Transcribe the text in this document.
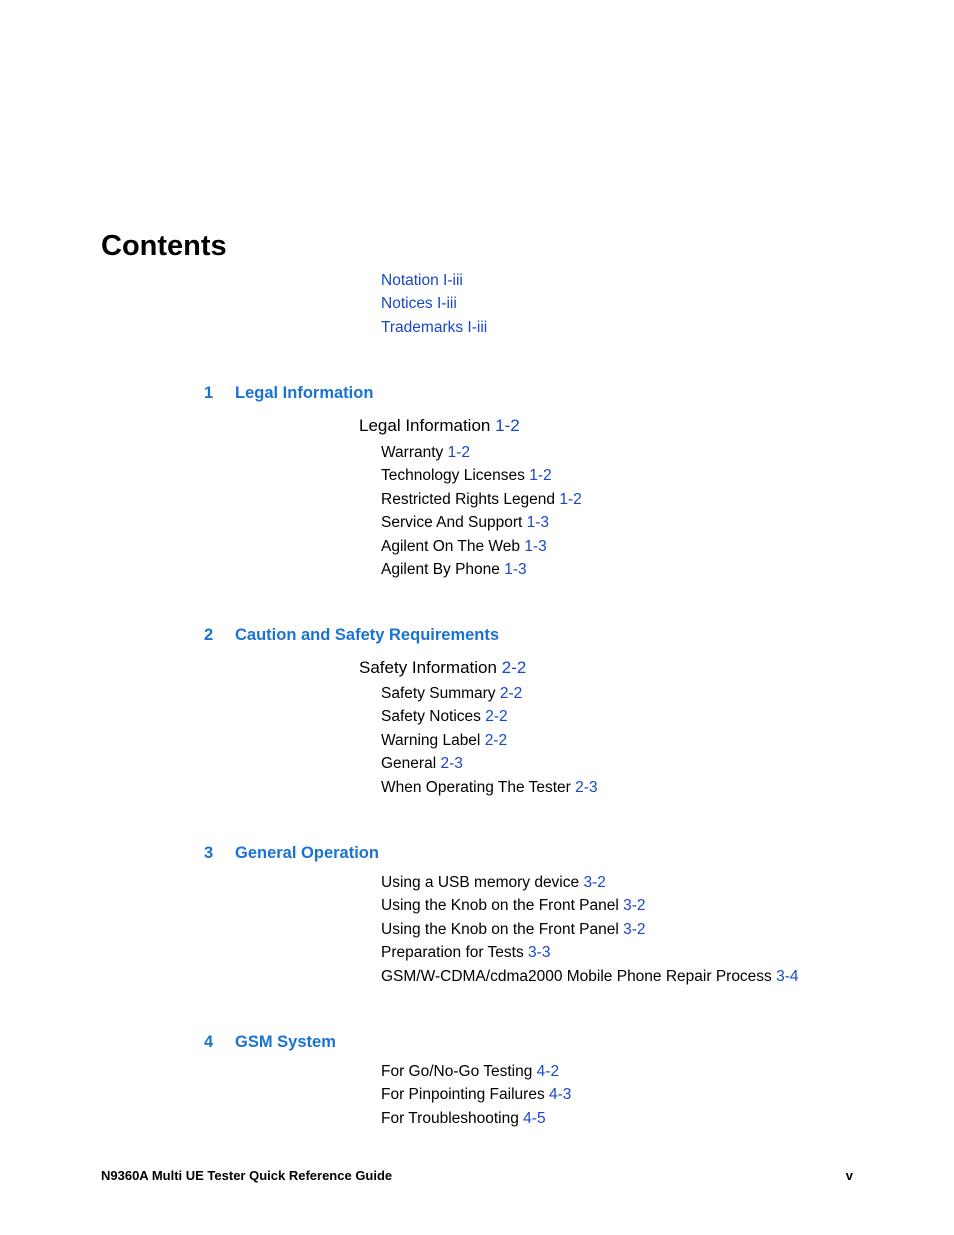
Contents
Notation I-iii
Notices I-iii
Trademarks I-iii
1 Legal Information
Legal Information 1-2
Warranty 1-2
Technology Licenses 1-2
Restricted Rights Legend 1-2
Service And Support 1-3
Agilent On The Web 1-3
Agilent By Phone 1-3
2 Caution and Safety Requirements
Safety Information 2-2
Safety Summary 2-2
Safety Notices 2-2
Warning Label 2-2
General 2-3
When Operating The Tester 2-3
3 General Operation
Using a USB memory device 3-2
Using the Knob on the Front Panel 3-2
Using the Knob on the Front Panel 3-2
Preparation for Tests 3-3
GSM/W-CDMA/cdma2000 Mobile Phone Repair Process 3-4
4 GSM System
For Go/No-Go Testing 4-2
For Pinpointing Failures 4-3
For Troubleshooting 4-5
N9360A Multi UE Tester Quick Reference Guide	v
